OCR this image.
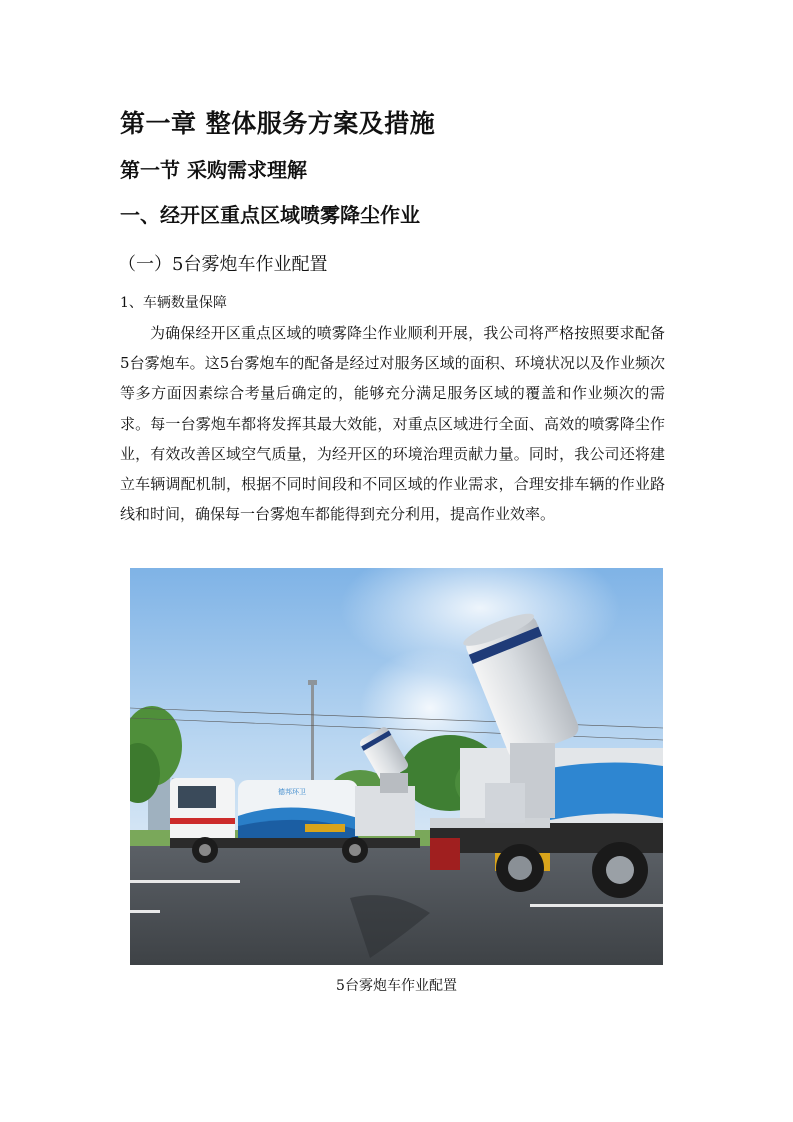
第一章 整体服务方案及措施
第一节 采购需求理解
一、经开区重点区域喷雾降尘作业
（一）5台雾炮车作业配置
1、车辆数量保障

为确保经开区重点区域的喷雾降尘作业顺利开展，我公司将严格按照要求配备5台雾炮车。这5台雾炮车的配备是经过对服务区域的面积、环境状况以及作业频次等多方面因素综合考量后确定的，能够充分满足服务区域的覆盖和作业频次的需求。每一台雾炮车都将发挥其最大效能，对重点区域进行全面、高效的喷雾降尘作业，有效改善区域空气质量，为经开区的环境治理贡献力量。同时，我公司还将建立车辆调配机制，根据不同时间段和不同区域的作业需求，合理安排车辆的作业路线和时间，确保每一台雾炮车都能得到充分利用，提高作业效率。

德邦环卫
5台雾炮车作业配置
